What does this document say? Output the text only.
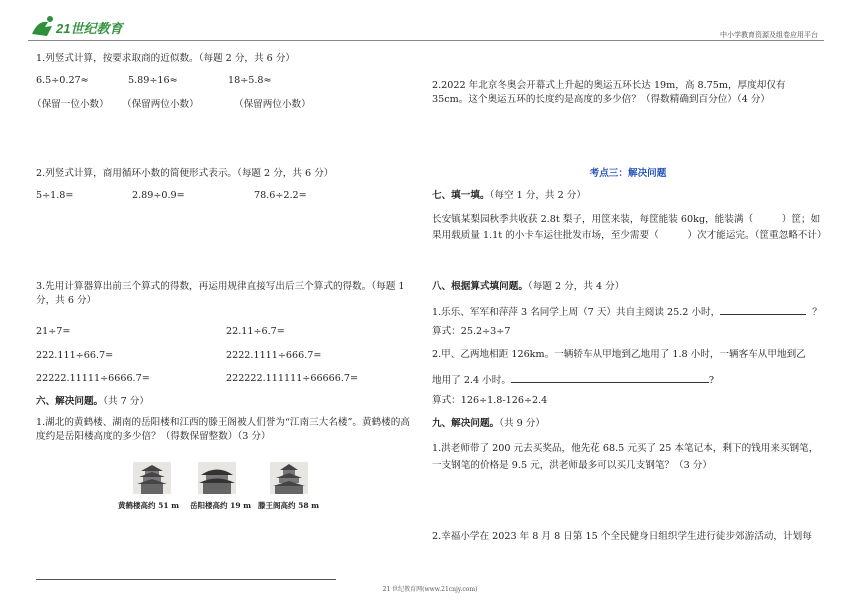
21世纪教育	中小学教育资源及组卷应用平台
1.列竖式计算，按要求取商的近似数。（每题 2 分，共 6 分）
6.5÷0.27≈	5.89÷16≈	18÷5.8≈
（保留一位小数） （保留两位小数）	（保留两位小数）
2.列竖式计算，商用循环小数的简便形式表示。（每题 2 分，共 6 分）
5÷1.8=	2.89÷0.9=	78.6÷2.2=
3.先用计算器算出前三个算式的得数，再运用规律直接写出后三个算式的得数。（每题 1 分，共 6 分）
21÷7=	22.11÷6.7=
222.111÷66.7=	2222.1111÷666.7=
22222.11111÷6666.7=	222222.111111÷66666.7=
六、解决问题。（共 7 分）
1.湖北的黄鹤楼、湖南的岳阳楼和江西的滕王阁被人们誉为“江南三大名楼”。黄鹤楼的高度约是岳阳楼高度的多少倍？（得数保留整数）（3 分）
黄鹤楼高约 51 m 岳阳楼高约 19 m 滕王阁高约 58 m
2.2022 年北京冬奥会开幕式上升起的奥运五环长达 19m，高 8.75m，厚度却仅有 35cm。这个奥运五环的长度约是高度的多少倍？（得数精确到百分位）（4 分）
考点三：解决问题
七、填一填。（每空 1 分，共 2 分）
长安镇某梨园秋季共收获 2.8t 梨子，用筐来装，每筐能装 60kg，能装满（　　　）筐；如果用载质量 1.1t 的小卡车运往批发市场，至少需要（　　　）次才能运完。（筐重忽略不计）
八、根据算式填问题。（每题 2 分，共 4 分）
1.乐乐、军军和萍萍 3 名同学上周（7 天）共自主阅读 25.2 小时，	？
算式：25.2÷3÷7
2.甲、乙两地相距 126km。一辆轿车从甲地到乙地用了 1.8 小时，一辆客车从甲地到乙
地用了 2.4 小时。	?
算式：126÷1.8-126÷2.4
九、解决问题。（共 9 分）
1.洪老师带了 200 元去买奖品，他先花 68.5 元买了 25 本笔记本，剩下的钱用来买钢笔，一支钢笔的价格是 9.5 元，洪老师最多可以买几支钢笔？（3 分）
2.幸福小学在 2023 年 8 月 8 日第 15 个全民健身日组织学生进行徒步郊游活动，计划每
21 世纪教育网(www.21cnjy.com)
